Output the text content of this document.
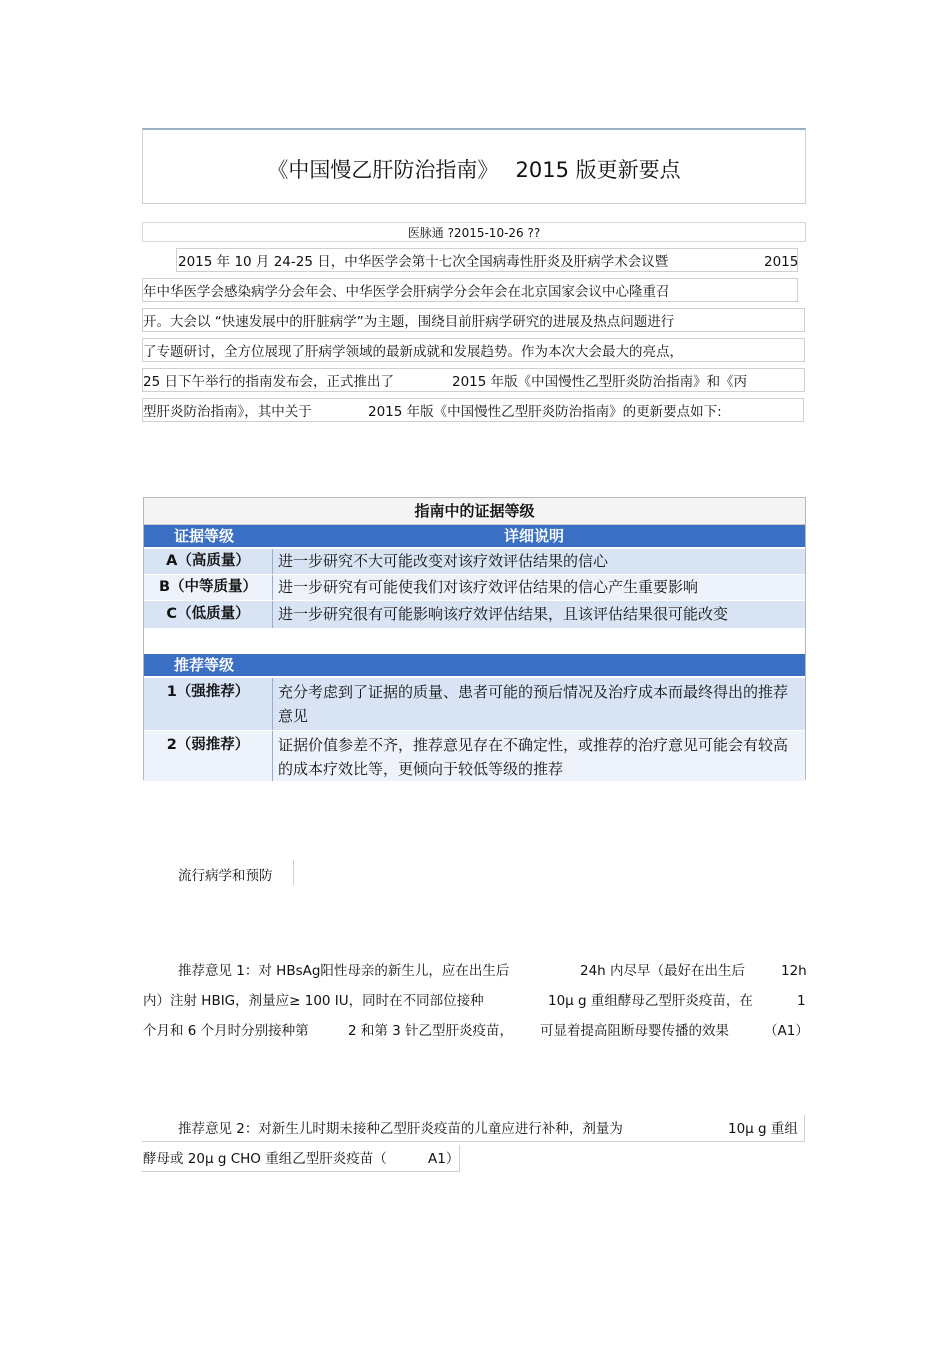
《中国慢乙肝防治指南》　 2015 版更新要点
医脉通 ?2015-10-26 ??
2015 年 10 月 24-25 日，中华医学会第十七次全国病毒性肝炎及肝病学术会议暨	2015
年中华医学会感染病学分会年会、中华医学会肝病学分会年会在北京国家会议中心隆重召
开。大会以 “快速发展中的肝脏病学”为主题，围绕目前肝病学研究的进展及热点问题进行
了专题研讨，全方位展现了肝病学领域的最新成就和发展趋势。作为本次大会最大的亮点，
25 日下午举行的指南发布会，正式推出了	2015 年版《中国慢性乙型肝炎防治指南》和《丙
型肝炎防治指南》，其中关于	2015 年版《中国慢性乙型肝炎防治指南》的更新要点如下:
指南中的证据等级
证据等级	详细说明
A（高质量）	进一步研究不大可能改变对该疗效评估结果的信心
B（中等质量）	进一步研究有可能使我们对该疗效评估结果的信心产生重要影响
C（低质量）	进一步研究很有可能影响该疗效评估结果，且该评估结果很可能改变
推荐等级
1（强推荐）	充分考虑到了证据的质量、患者可能的预后情况及治疗成本而最终得出的推荐意见
2（弱推荐）	证据价值参差不齐，推荐意见存在不确定性，或推荐的治疗意见可能会有较高的成本疗效比等，更倾向于较低等级的推荐
流行病学和预防
推荐意见 1：对 HBsAg阳性母亲的新生儿，应在出生后	24h 内尽早（最好在出生后	12h
内）注射 HBIG，剂量应≥ 100 IU，同时在不同部位接种	10μ g 重组酵母乙型肝炎疫苗，在	1
个月和 6 个月时分别接种第	2 和第 3 针乙型肝炎疫苗， 可显着提高阻断母婴传播的效果	（A1）
推荐意见 2：对新生儿时期未接种乙型肝炎疫苗的儿童应进行补种，剂量为	10μ g 重组
酵母或 20μ g CHO 重组乙型肝炎疫苗（	A1）
